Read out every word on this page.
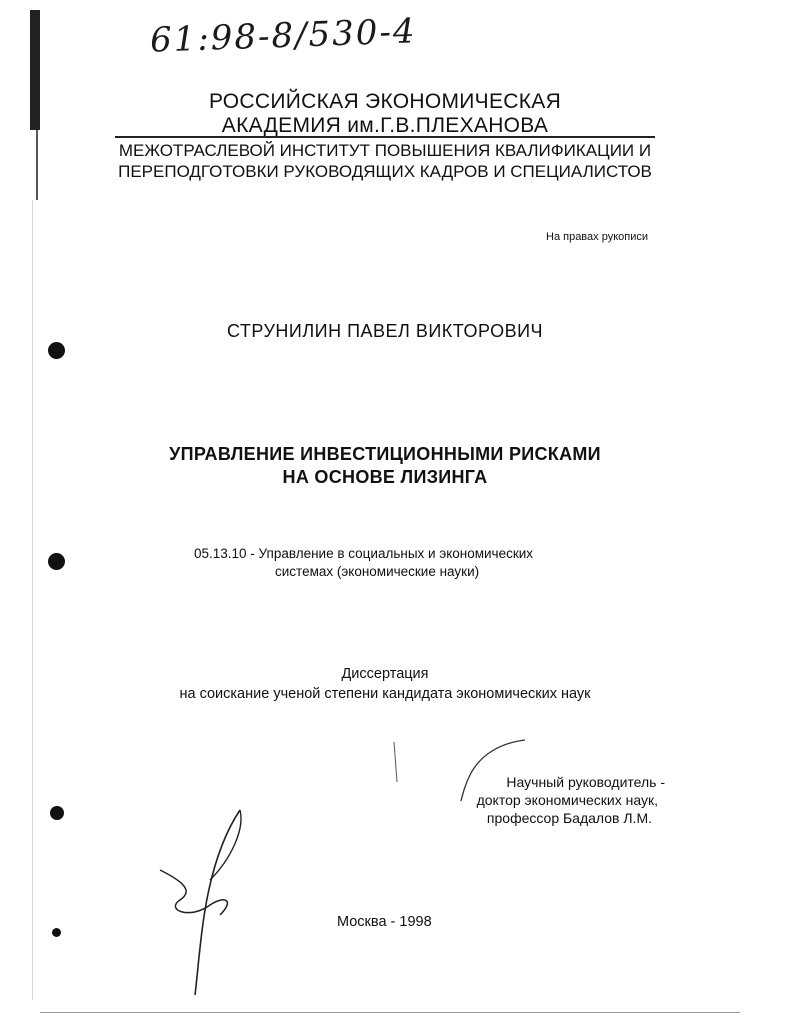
61:98-8/530-4
РОССИЙСКАЯ ЭКОНОМИЧЕСКАЯ
АКАДЕМИЯ им.Г.В.ПЛЕХАНОВА
МЕЖОТРАСЛЕВОЙ ИНСТИТУТ ПОВЫШЕНИЯ КВАЛИФИКАЦИИ И
ПЕРЕПОДГОТОВКИ РУКОВОДЯЩИХ КАДРОВ И СПЕЦИАЛИСТОВ
На правах рукописи
СТРУНИЛИН ПАВЕЛ ВИКТОРОВИЧ
УПРАВЛЕНИЕ ИНВЕСТИЦИОННЫМИ РИСКАМИ
НА ОСНОВЕ ЛИЗИНГА
05.13.10 - Управление в социальных и экономических
системах (экономические науки)
Диссертация
на соискание ученой степени кандидата экономических наук
Научный руководитель -
доктор экономических наук,
профессор Бадалов Л.М.
Москва - 1998
